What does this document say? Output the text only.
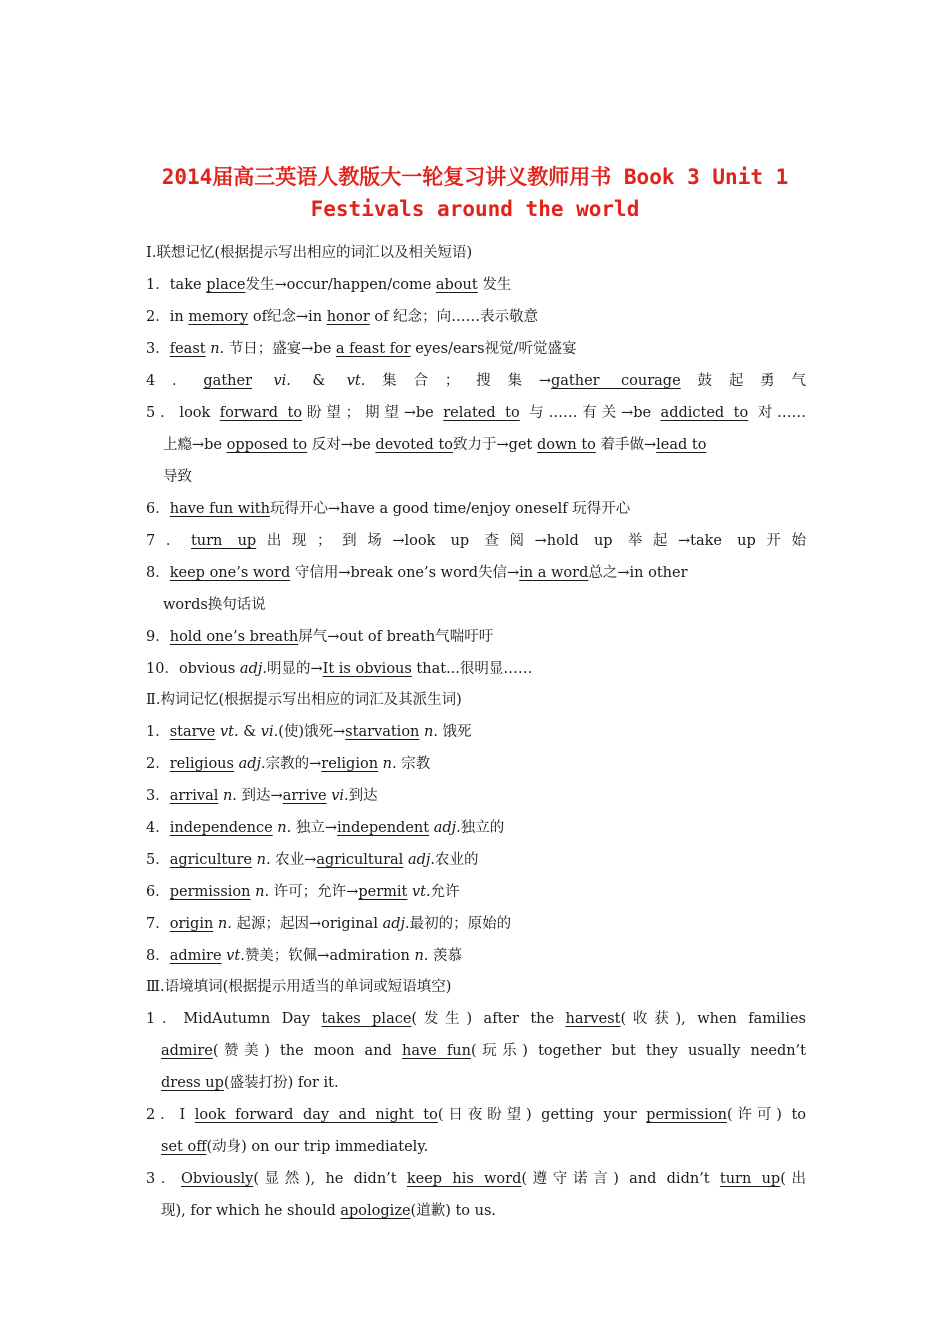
2014届高三英语人教版大一轮复习讲义教师用书 Book 3 Unit 1
Festivals around the world
Ⅰ.联想记忆(根据提示写出相应的词汇以及相关短语)
1．take place发生→occur/happen/come about 发生
2．in memory of纪念→in honor of 纪念；向……表示敬意
3．feast n. 节日；盛宴→be a feast for eyes/ears视觉/听觉盛宴
4．gather vi. & vt.集合；搜集→gather courage鼓起勇气
5．look forward to盼望；期望→be related to 与……有关→be addicted to 对……
上瘾→be opposed to 反对→be devoted to致力于→get down to 着手做→lead to
导致
6．have fun with玩得开心→have a good time/enjoy oneself 玩得开心
7．turn up出现；到场→look up 查阅→hold up 举起→take up开始
8．keep one’s word 守信用→break one’s word失信→in a word总之→in other
words换句话说
9．hold one’s breath屏气→out of breath气喘吁吁
10．obvious adj.明显的→It is obvious that...很明显……
Ⅱ.构词记忆(根据提示写出相应的词汇及其派生词)
1．starve vt. & vi.(使)饿死→starvation n. 饿死
2．religious adj.宗教的→religion n. 宗教
3．arrival n. 到达→arrive vi.到达
4．independence n. 独立→independent adj.独立的
5．agriculture n. 农业→agricultural adj.农业的
6．permission n. 许可；允许→permit vt.允许
7．origin n. 起源；起因→original adj.最初的；原始的
8．admire vt.赞美；钦佩→admiration n. 羡慕
Ⅲ.语境填词(根据提示用适当的单词或短语填空)
1．MidAutumn Day takes place(发生) after the harvest(收获), when families
admire(赞美) the moon and have fun(玩乐) together but they usually needn’t
dress up(盛装打扮) for it.
2．I look forward day and night to(日夜盼望) getting your permission(许可) to
set off(动身) on our trip immediately.
3．Obviously(显然), he didn’t keep his word(遵守诺言) and didn’t turn up(出
现), for which he should apologize(道歉) to us.
